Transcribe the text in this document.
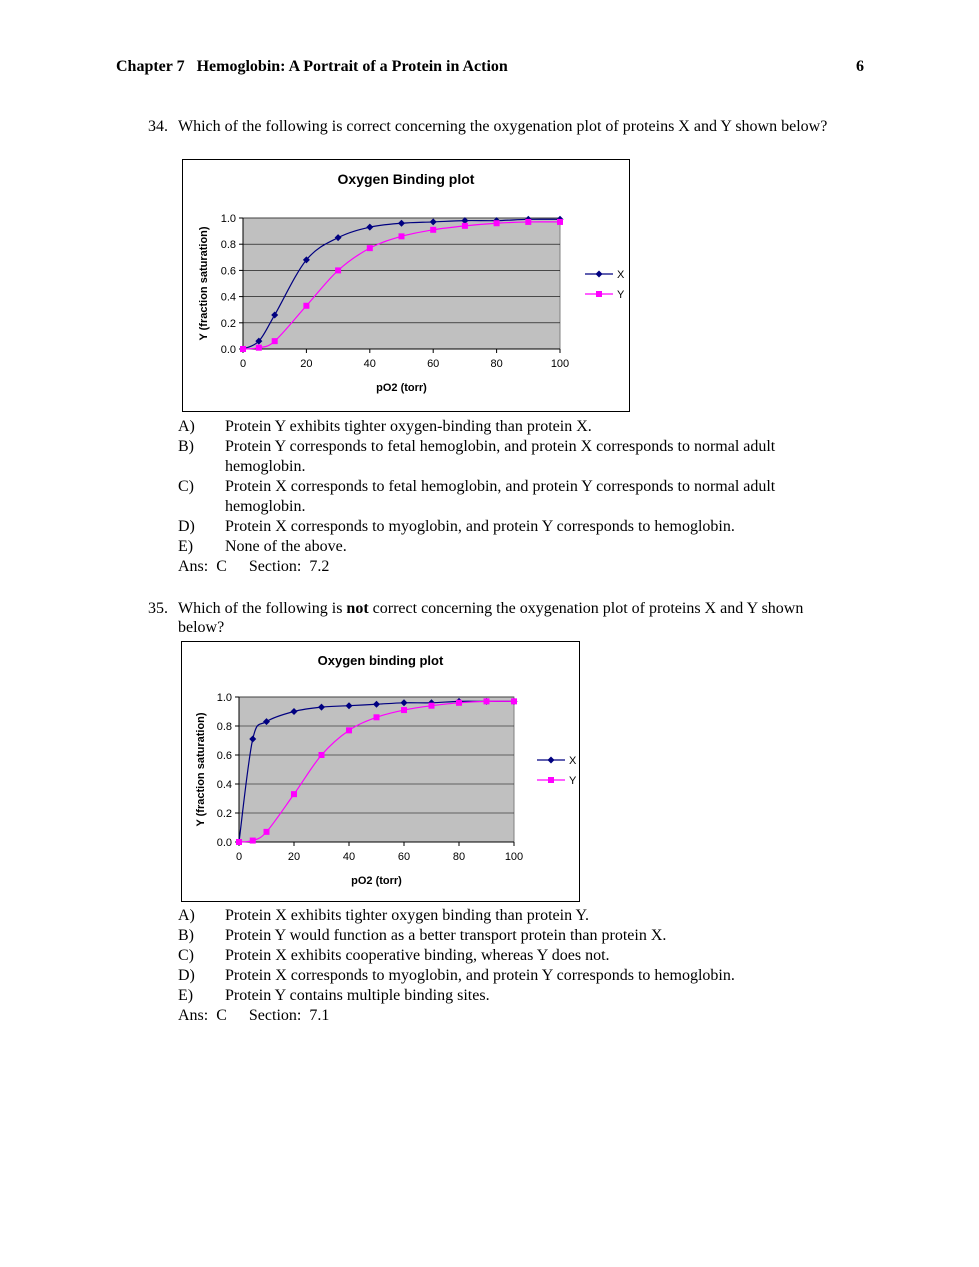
Chapter 7   Hemoglobin: A Portrait of a Protein in Action	6
34. Which of the following is correct concerning the oxygenation plot of proteins X and Y shown below?
Oxygen Binding plot
0.0
0.2
0.4
0.6
0.8
1.0
0	20	40	60	80	100
pO2 (torr)
Y (fraction saturation)	X
Y
A) Protein Y exhibits tighter oxygen-binding than protein X.
B) Protein Y corresponds to fetal hemoglobin, and protein X corresponds to normal adult hemoglobin.
C) Protein X corresponds to fetal hemoglobin, and protein Y corresponds to normal adult hemoglobin.
D) Protein X corresponds to myoglobin, and protein Y corresponds to hemoglobin.
E) None of the above.
Ans: C Section: 7.2
35. Which of the following is not correct concerning the oxygenation plot of proteins X and Y shown below?
Oxygen binding plot
0.0
0.2
0.4
0.6
0.8
1.0
0	20	40	60	80	100
pO2 (torr)
Y (fraction saturation)	X
Y
A) Protein X exhibits tighter oxygen binding than protein Y.
B) Protein Y would function as a better transport protein than protein X.
C) Protein X exhibits cooperative binding, whereas Y does not.
D) Protein X corresponds to myoglobin, and protein Y corresponds to hemoglobin.
E) Protein Y contains multiple binding sites.
Ans: C Section: 7.1
